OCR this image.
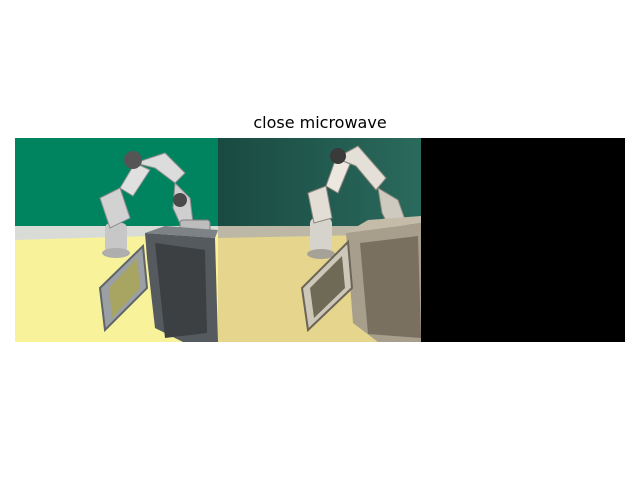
close microwave
